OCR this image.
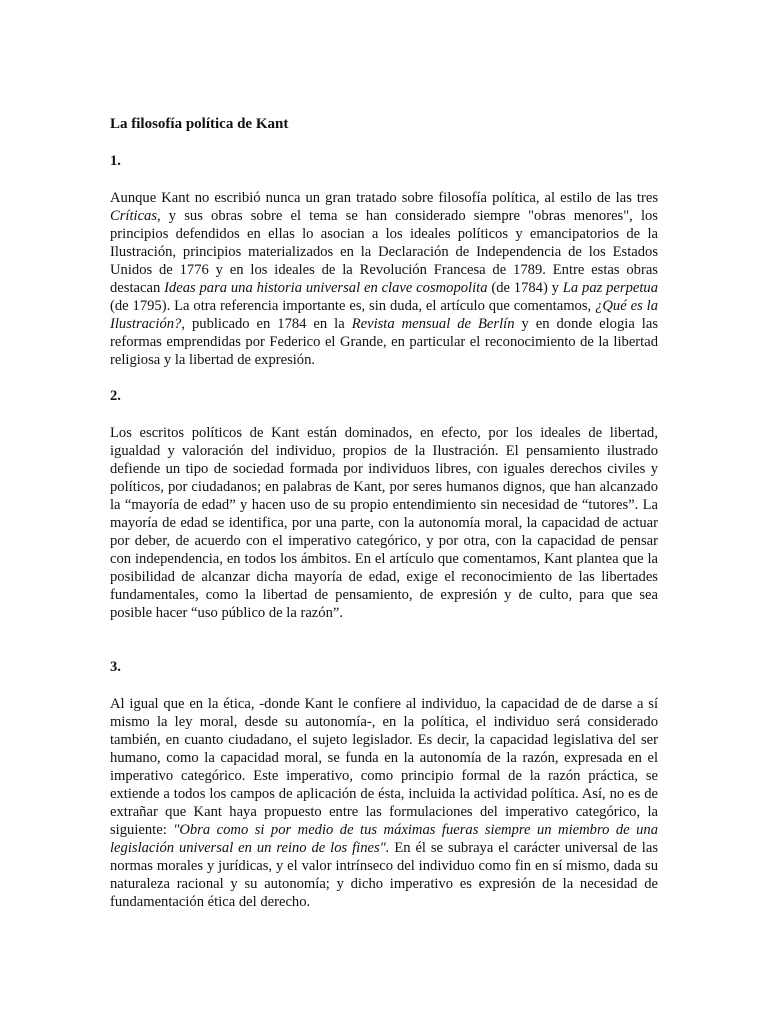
La filosofía política de Kant
1.

Aunque Kant no escribió nunca un gran tratado sobre filosofía política, al estilo de las tres Críticas, y sus obras sobre el tema se han considerado siempre "obras menores", los principios defendidos en ellas lo asocian a los ideales políticos y emancipatorios de la Ilustración, principios materializados en la Declaración de Independencia de los Estados Unidos de 1776 y en los ideales de la Revolución Francesa de 1789. Entre estas obras destacan Ideas para una historia universal en clave cosmopolita (de 1784) y La paz perpetua (de 1795). La otra referencia importante es, sin duda, el artículo que comentamos, ¿Qué es la Ilustración?, publicado en 1784 en la Revista mensual de Berlín y en donde elogia las reformas emprendidas por Federico el Grande, en particular el reconocimiento de la libertad religiosa y la libertad de expresión.

2.

Los escritos políticos de Kant están dominados, en efecto, por los ideales de libertad, igualdad y valoración del individuo, propios de la Ilustración. El pensamiento ilustrado defiende un tipo de sociedad formada por individuos libres, con iguales derechos civiles y políticos, por ciudadanos; en palabras de Kant, por seres humanos dignos, que han alcanzado la “mayoría de edad” y hacen uso de su propio entendimiento sin necesidad de “tutores”. La mayoría de edad se identifica, por una parte, con la autonomía moral, la capacidad de actuar por deber, de acuerdo con el imperativo categórico, y por otra, con la capacidad de pensar con independencia, en todos los ámbitos. En el artículo que comentamos, Kant plantea que la posibilidad de alcanzar dicha mayoría de edad, exige el reconocimiento de las libertades fundamentales, como la libertad de pensamiento, de expresión y de culto, para que sea posible hacer “uso público de la razón”.

3.

Al igual que en la ética, -donde Kant le confiere al individuo, la capacidad de de darse a sí mismo la ley moral, desde su autonomía-, en la política, el individuo será considerado también, en cuanto ciudadano, el sujeto legislador. Es decir, la capacidad legislativa del ser humano, como la capacidad moral, se funda en la autonomía de la razón, expresada en el imperativo categórico. Este imperativo, como principio formal de la razón práctica, se extiende a todos los campos de aplicación de ésta, incluida la actividad política. Así, no es de extrañar que Kant haya propuesto entre las formulaciones del imperativo categórico, la siguiente: "Obra como si por medio de tus máximas fueras siempre un miembro de una legislación universal en un reino de los fines". En él se subraya el carácter universal de las normas morales y jurídicas, y el valor intrínseco del individuo como fin en sí mismo, dada su naturaleza racional y su autonomía; y dicho imperativo es expresión de la necesidad de fundamentación ética del derecho.
